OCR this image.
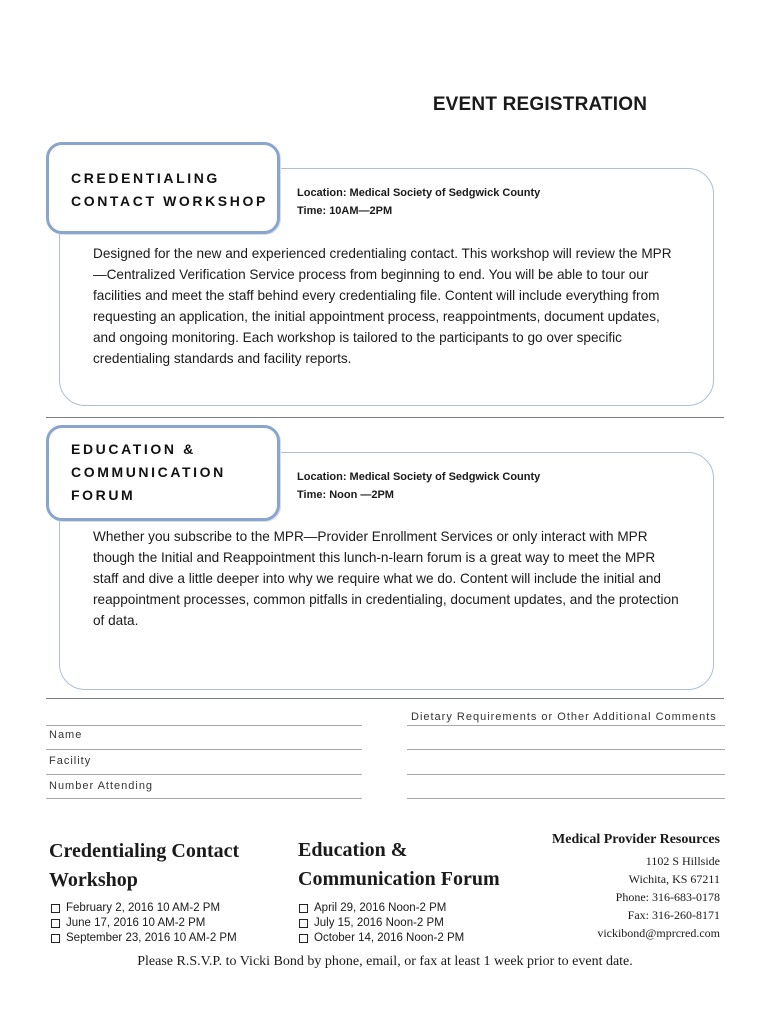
EVENT REGISTRATION
CREDENTIALING
CONTACT WORKSHOP	Location: Medical Society of Sedgwick County
Time: 10AM—2PM
Designed for the new and experienced credentialing contact. This workshop will review the MPR—Centralized Verification Service process from beginning to end. You will be able to tour our facilities and meet the staff behind every credentialing file. Content will include everything from requesting an application, the initial appointment process, reappointments, document updates, and ongoing monitoring. Each workshop is tailored to the participants to go over specific credentialing standards and facility reports.
EDUCATION &
COMMUNICATION
FORUM
Location: Medical Society of Sedgwick County
Time: Noon —2PM
Whether you subscribe to the MPR—Provider Enrollment Services or only interact with MPR though the Initial and Reappointment this lunch-n-learn forum is a great way to meet the MPR staff and dive a little deeper into why we require what we do. Content will include the initial and reappointment processes, common pitfalls in credentialing, document updates, and the protection of data.
Dietary Requirements or Other Additional Comments
Name
Facility
Number Attending
Credentialing Contact
Workshop
February 2, 2016 10 AM-2 PM
June 17, 2016 10 AM-2 PM
September 23, 2016 10 AM-2 PM
Education &
Communication Forum
April 29, 2016 Noon-2 PM
July 15, 2016 Noon-2 PM
October 14, 2016 Noon-2 PM
Medical Provider Resources
1102 S Hillside
Wichita, KS 67211
Phone: 316-683-0178
Fax: 316-260-8171
vickibond@mprcred.com
Please R.S.V.P. to Vicki Bond by phone, email, or fax at least 1 week prior to event date.
